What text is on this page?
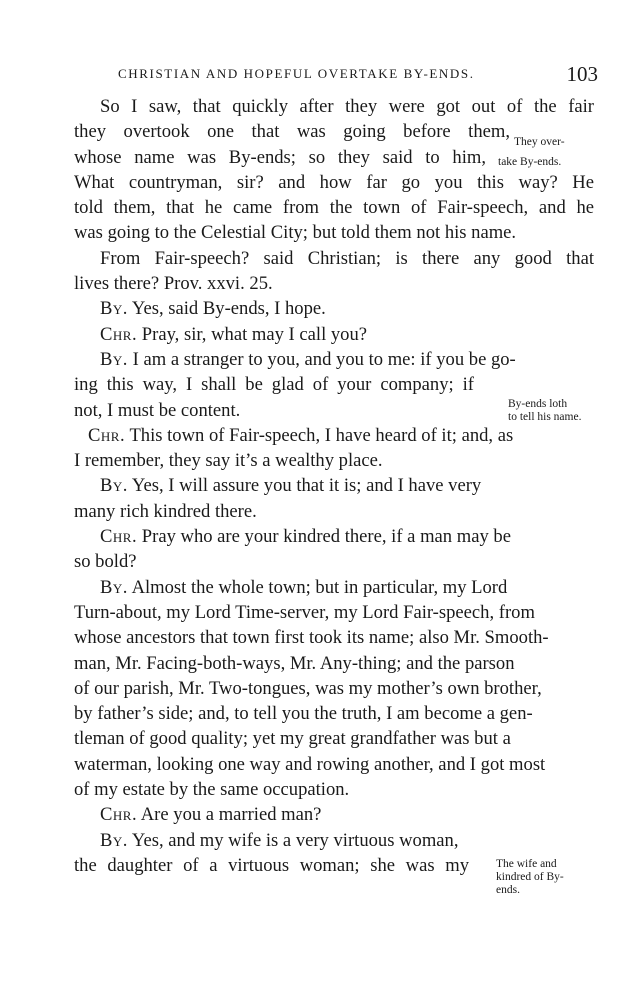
CHRISTIAN AND HOPEFUL OVERTAKE BY-ENDS.	103
So I saw, that quickly after they were got out of the fair
they overtook one that was going before them,
whose name was By-ends; so they said to him,
What countryman, sir? and how far go you this way? He
told them, that he came from the town of Fair-speech, and he
was going to the Celestial City; but told them not his name.
From Fair-speech? said Christian; is there any good that
lives there? Prov. xxvi. 25.
By. Yes, said By-ends, I hope.
Chr. Pray, sir, what may I call you?
By. I am a stranger to you, and you to me: if you be go-
ing this way, I shall be glad of your company; if
not, I must be content.
Chr. This town of Fair-speech, I have heard of it; and, as
I remember, they say it’s a wealthy place.
By. Yes, I will assure you that it is; and I have very
many rich kindred there.
Chr. Pray who are your kindred there, if a man may be
so bold?
By. Almost the whole town; but in particular, my Lord
Turn-about, my Lord Time-server, my Lord Fair-speech, from
whose ancestors that town first took its name; also Mr. Smooth-
man, Mr. Facing-both-ways, Mr. Any-thing; and the parson
of our parish, Mr. Two-tongues, was my mother’s own brother,
by father’s side; and, to tell you the truth, I am become a gen-
tleman of good quality; yet my great grandfather was but a
waterman, looking one way and rowing another, and I got most
of my estate by the same occupation.
Chr. Are you a married man?
By. Yes, and my wife is a very virtuous woman,
the daughter of a virtuous woman; she was my
They over-
take By-ends.
By-ends loth
to tell his name.
The wife and
kindred of By-
ends.
